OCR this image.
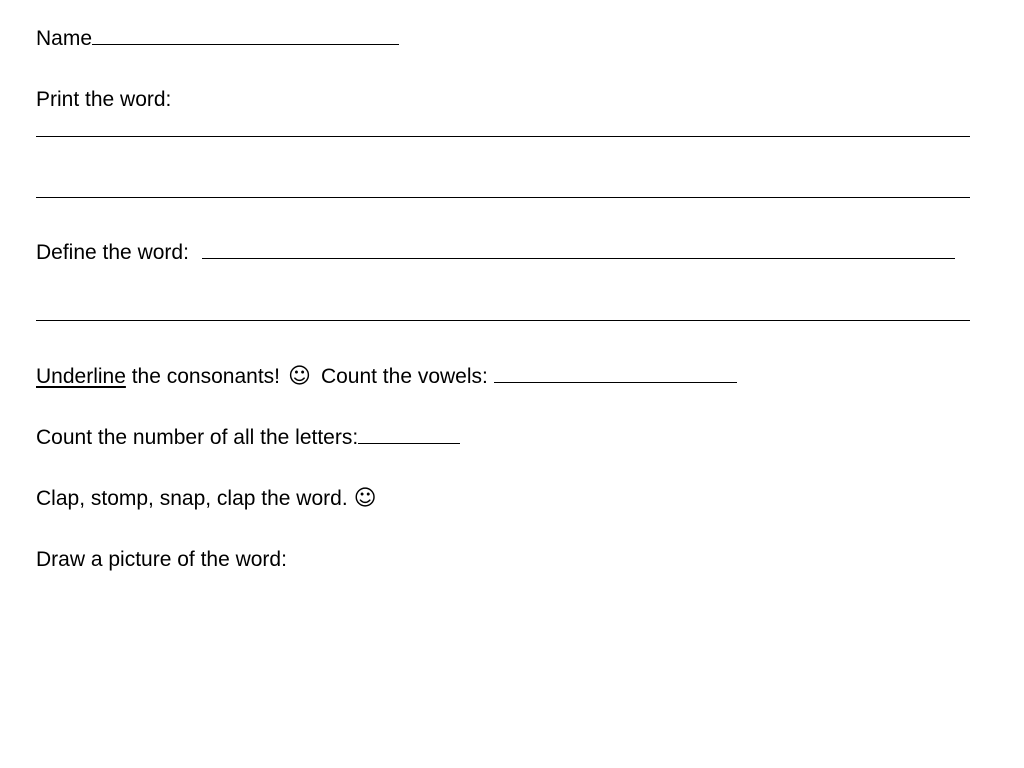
Name
Print the word:
Define the word:
Underline the consonants! ☺ Count the vowels:
Count the number of all the letters:
Clap, stomp, snap, clap the word. ☺
Draw a picture of the word:
